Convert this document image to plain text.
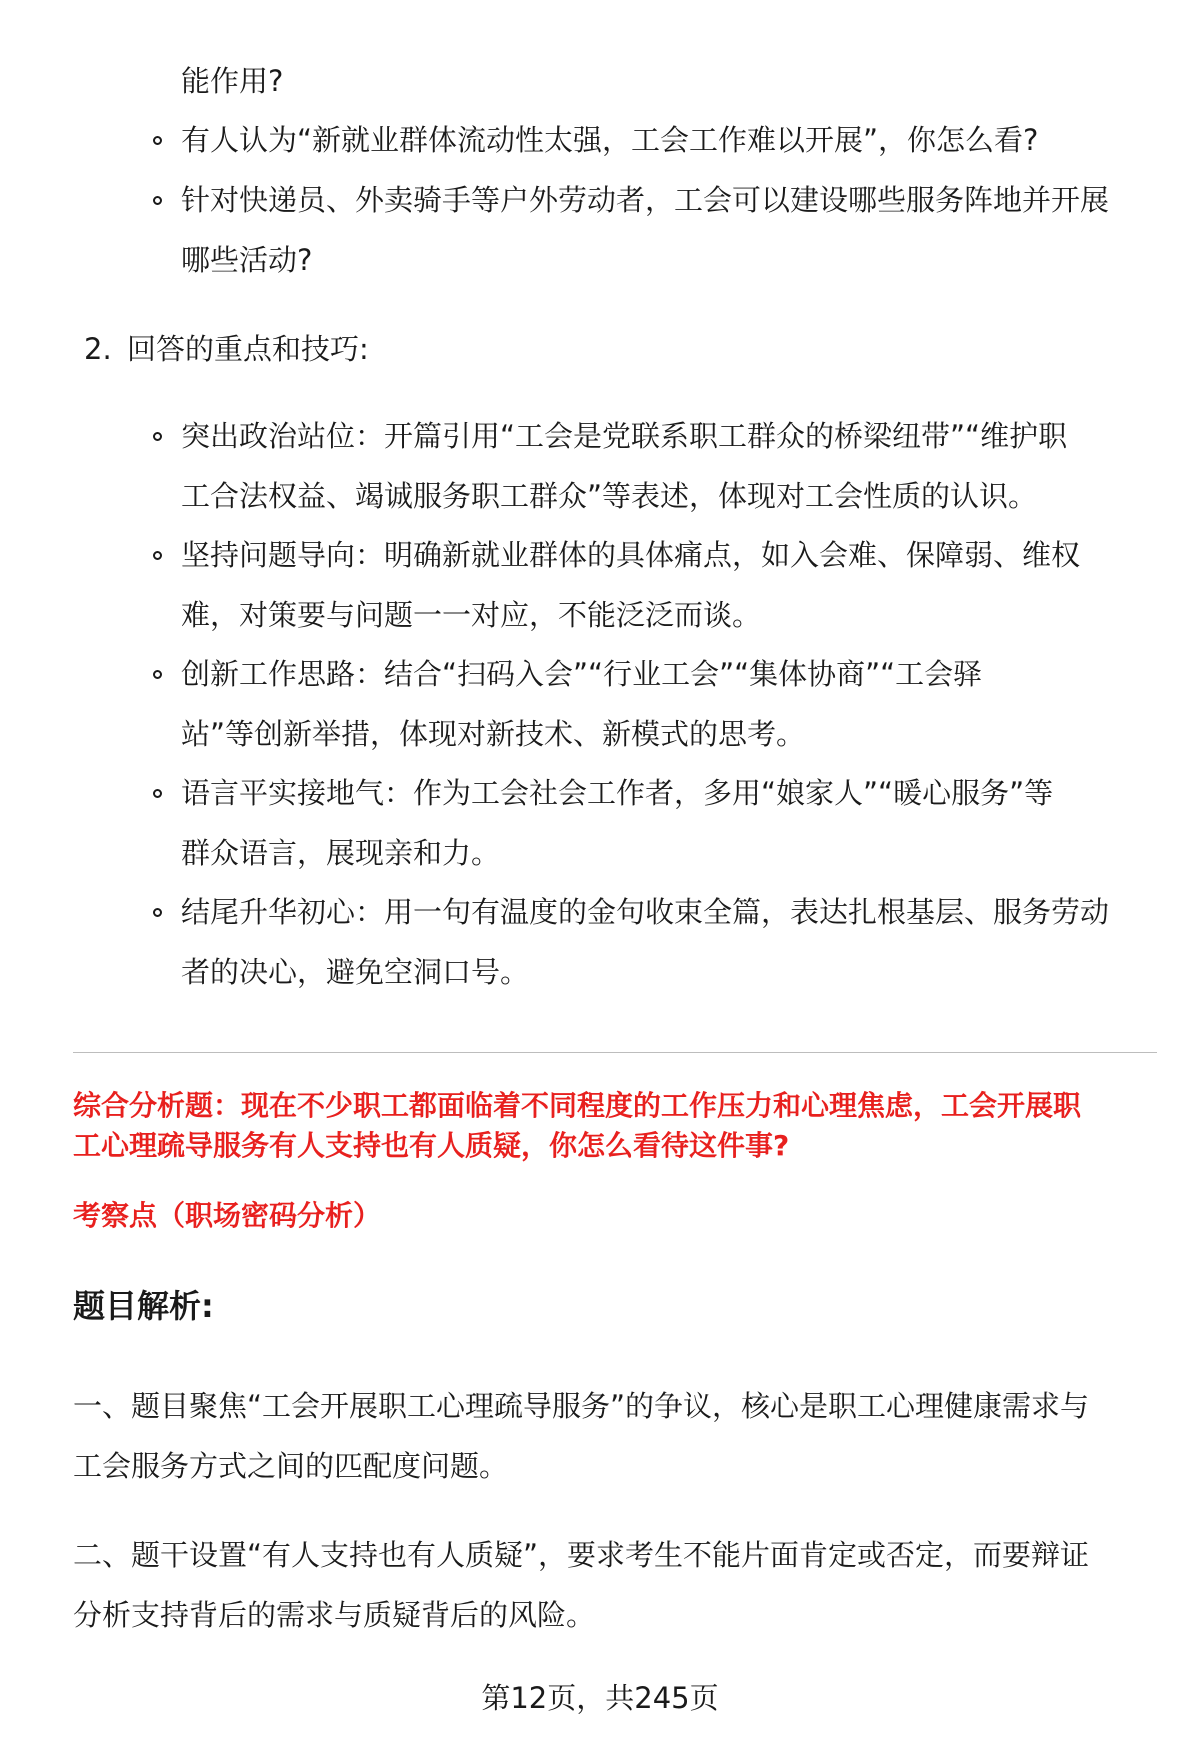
能作用?
有人认为“新就业群体流动性太强，工会工作难以开展”，你怎么看?
针对快递员、外卖骑手等户外劳动者，工会可以建设哪些服务阵地并开展
哪些活动?
2. 回答的重点和技巧:
突出政治站位：开篇引用“工会是党联系职工群众的桥梁纽带”“维护职
工合法权益、竭诚服务职工群众”等表述，体现对工会性质的认识。
坚持问题导向：明确新就业群体的具体痛点，如入会难、保障弱、维权
难，对策要与问题一一对应，不能泛泛而谈。
创新工作思路：结合“扫码入会”“行业工会”“集体协商”“工会驿
站”等创新举措，体现对新技术、新模式的思考。
语言平实接地气：作为工会社会工作者，多用“娘家人”“暖心服务”等
群众语言，展现亲和力。
结尾升华初心：用一句有温度的金句收束全篇，表达扎根基层、服务劳动
者的决心，避免空洞口号。
综合分析题：现在不少职工都面临着不同程度的工作压力和心理焦虑，工会开展职
工心理疏导服务有人支持也有人质疑，你怎么看待这件事?
考察点（职场密码分析）
题目解析:
一、题目聚焦“工会开展职工心理疏导服务”的争议，核心是职工心理健康需求与
工会服务方式之间的匹配度问题。
二、题干设置“有人支持也有人质疑”，要求考生不能片面肯定或否定，而要辩证
分析支持背后的需求与质疑背后的风险。
第12页，共245页
